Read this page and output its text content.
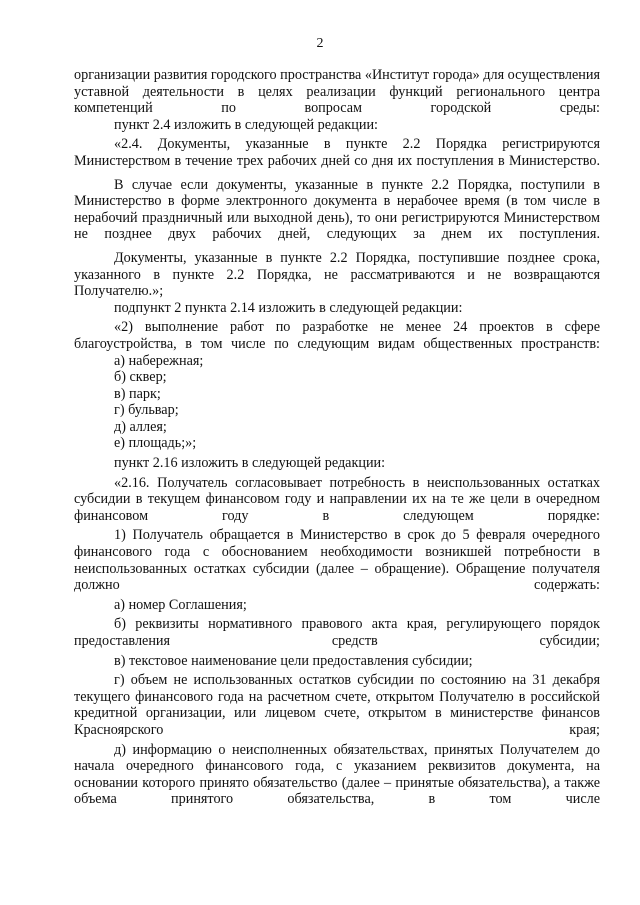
2

организации развития городского пространства «Институт города» для осуществления уставной деятельности в целях реализации функций регионального центра компетенций по вопросам городской среды:

пункт 2.4 изложить в следующей редакции:

«2.4. Документы, указанные в пункте 2.2 Порядка регистрируются Министерством в течение трех рабочих дней со дня их поступления в Министерство.

В случае если документы, указанные в пункте 2.2 Порядка, поступили в Министерство в форме электронного документа в нерабочее время (в том числе в нерабочий праздничный или выходной день), то они регистрируются Министерством не позднее двух рабочих дней, следующих за днем их поступления.

Документы, указанные в пункте 2.2 Порядка, поступившие позднее срока, указанного в пункте 2.2 Порядка, не рассматриваются и не возвращаются Получателю.»;

подпункт 2 пункта 2.14 изложить в следующей редакции:

«2) выполнение работ по разработке не менее 24 проектов в сфере благоустройства, в том числе по следующим видам общественных пространств:

а) набережная;

б) сквер;

в) парк;

г) бульвар;

д) аллея;

е) площадь;»;

пункт 2.16 изложить в следующей редакции:

«2.16. Получатель согласовывает потребность в неиспользованных остатках субсидии в текущем финансовом году и направлении их на те же цели в очередном финансовом году в следующем порядке:

1) Получатель обращается в Министерство в срок до 5 февраля очередного финансового года с обоснованием необходимости возникшей потребности в неиспользованных остатках субсидии (далее – обращение). Обращение получателя должно содержать:

а) номер Соглашения;

б) реквизиты нормативного правового акта края, регулирующего порядок предоставления средств субсидии;

в) текстовое наименование цели предоставления субсидии;

г) объем не использованных остатков субсидии по состоянию на 31 декабря текущего финансового года на расчетном счете, открытом Получателю в российской кредитной организации, или лицевом счете, открытом в министерстве финансов Красноярского края;

д) информацию о неисполненных обязательствах, принятых Получателем до начала очередного финансового года, с указанием реквизитов документа, на основании которого принято обязательство (далее – принятые обязательства), а также объема принятого обязательства, в том числе
